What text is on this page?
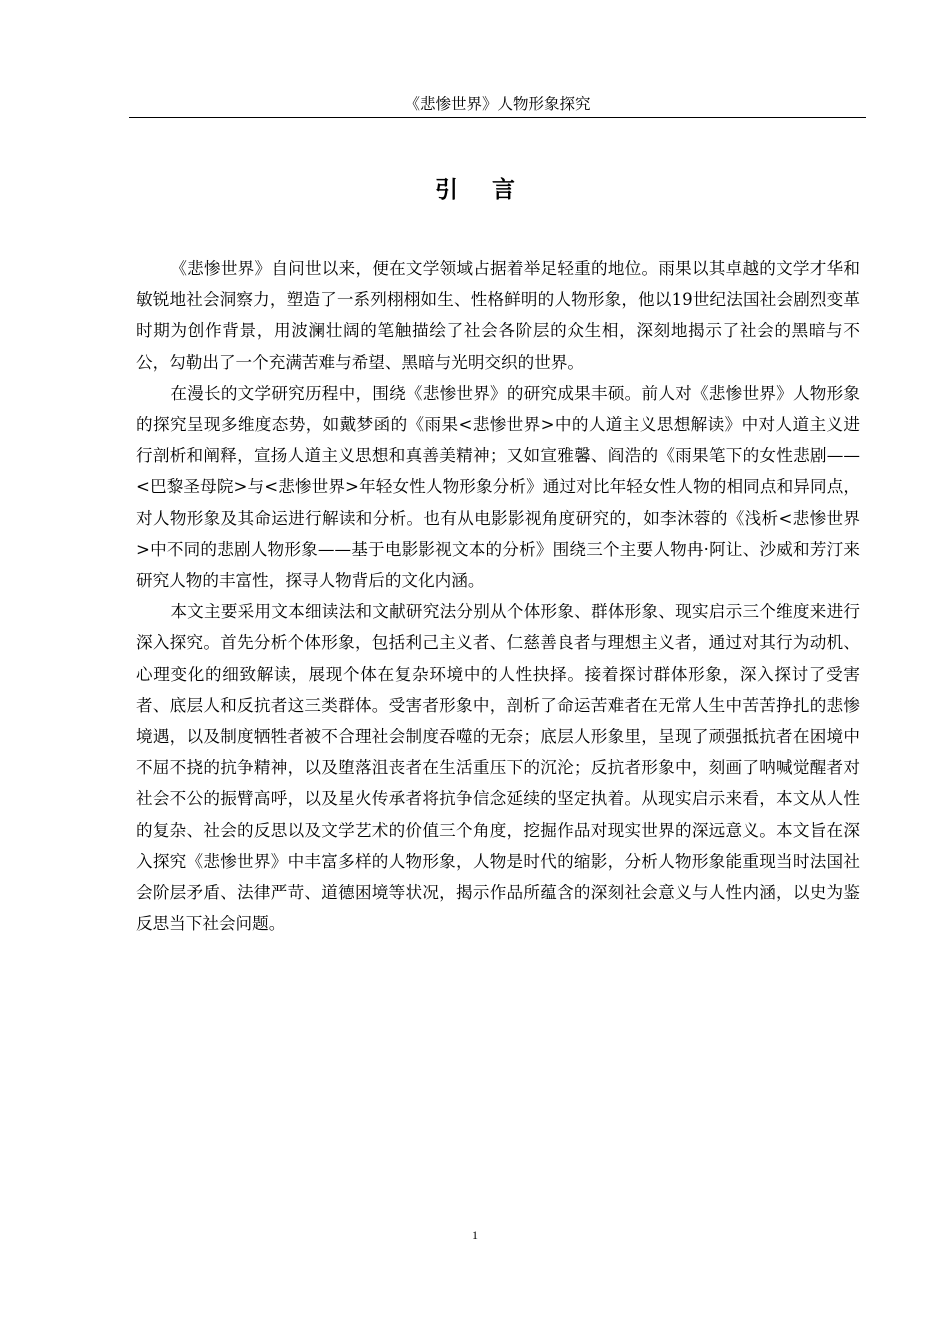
《悲惨世界》人物形象探究
引 言

《悲惨世界》自问世以来，便在文学领域占据着举足轻重的地位。雨果以其卓越的文学才华和敏锐地社会洞察力，塑造了一系列栩栩如生、性格鲜明的人物形象，他以19世纪法国社会剧烈变革时期为创作背景，用波澜壮阔的笔触描绘了社会各阶层的众生相，深刻地揭示了社会的黑暗与不公，勾勒出了一个充满苦难与希望、黑暗与光明交织的世界。

在漫长的文学研究历程中，围绕《悲惨世界》的研究成果丰硕。前人对《悲惨世界》人物形象的探究呈现多维度态势，如戴梦函的《雨果<悲惨世界>中的人道主义思想解读》中对人道主义进行剖析和阐释，宣扬人道主义思想和真善美精神；又如宣雅馨、阎浩的《雨果笔下的女性悲剧——<巴黎圣母院>与<悲惨世界>年轻女性人物形象分析》通过对比年轻女性人物的相同点和异同点，对人物形象及其命运进行解读和分析。也有从电影影视角度研究的，如李沐蓉的《浅析<悲惨世界>中不同的悲剧人物形象——基于电影影视文本的分析》围绕三个主要人物冉·阿让、沙威和芳汀来研究人物的丰富性，探寻人物背后的文化内涵。

本文主要采用文本细读法和文献研究法分别从个体形象、群体形象、现实启示三个维度来进行深入探究。首先分析个体形象，包括利己主义者、仁慈善良者与理想主义者，通过对其行为动机、心理变化的细致解读，展现个体在复杂环境中的人性抉择。接着探讨群体形象，深入探讨了受害者、底层人和反抗者这三类群体。受害者形象中，剖析了命运苦难者在无常人生中苦苦挣扎的悲惨境遇，以及制度牺牲者被不合理社会制度吞噬的无奈；底层人形象里，呈现了顽强抵抗者在困境中不屈不挠的抗争精神，以及堕落沮丧者在生活重压下的沉沦；反抗者形象中，刻画了呐喊觉醒者对社会不公的振臂高呼，以及星火传承者将抗争信念延续的坚定执着。从现实启示来看，本文从人性的复杂、社会的反思以及文学艺术的价值三个角度，挖掘作品对现实世界的深远意义。本文旨在深入探究《悲惨世界》中丰富多样的人物形象，人物是时代的缩影，分析人物形象能重现当时法国社会阶层矛盾、法律严苛、道德困境等状况，揭示作品所蕴含的深刻社会意义与人性内涵，以史为鉴反思当下社会问题。

1
